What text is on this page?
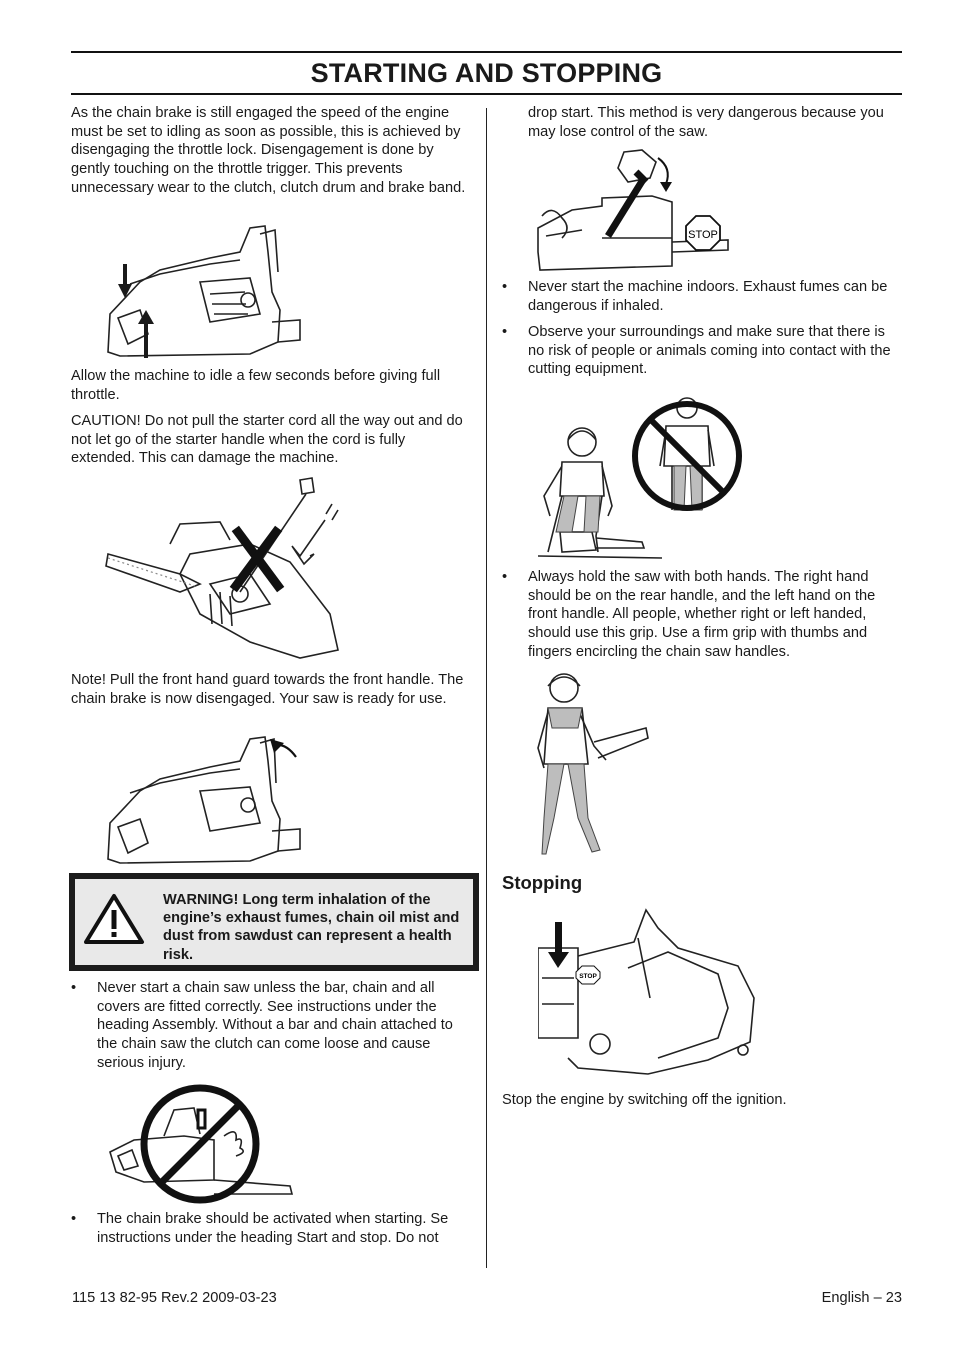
STARTING AND STOPPING

As the chain brake is still engaged the speed of the engine must be set to idling as soon as possible, this is achieved by disengaging the throttle lock. Disengagement is done by gently touching on the throttle trigger. This prevents unnecessary wear to the clutch, clutch drum and brake band.

Allow the machine to idle a few seconds before giving full throttle.

CAUTION! Do not pull the starter cord all the way out and do not let go of the starter handle when the cord is fully extended. This can damage the machine.

Note! Pull the front hand guard towards the front handle. The chain brake is now disengaged. Your saw is ready for use.

WARNING! Long term inhalation of the engine’s exhaust fumes, chain oil mist and dust from sawdust can represent a health risk.
• Never start a chain saw unless the bar, chain and all covers are fitted correctly. See instructions under the heading Assembly. Without a bar and chain attached to the chain saw the clutch can come loose and cause serious injury.
• The chain brake should be activated when starting. Se instructions under the heading Start and stop. Do not

drop start. This method is very dangerous because you may lose control of the saw.

STOP
• Never start the machine indoors. Exhaust fumes can be dangerous if inhaled.
• Observe your surroundings and make sure that there is no risk of people or animals coming into contact with the cutting equipment.
• Always hold the saw with both hands. The right hand should be on the rear handle, and the left hand on the front handle. All people, whether right or left handed, should use this grip. Use a firm grip with thumbs and fingers encircling the chain saw handles.
Stopping
STOP

Stop the engine by switching off the ignition.

115 13 82-95 Rev.2 2009-03-23	English – 23
